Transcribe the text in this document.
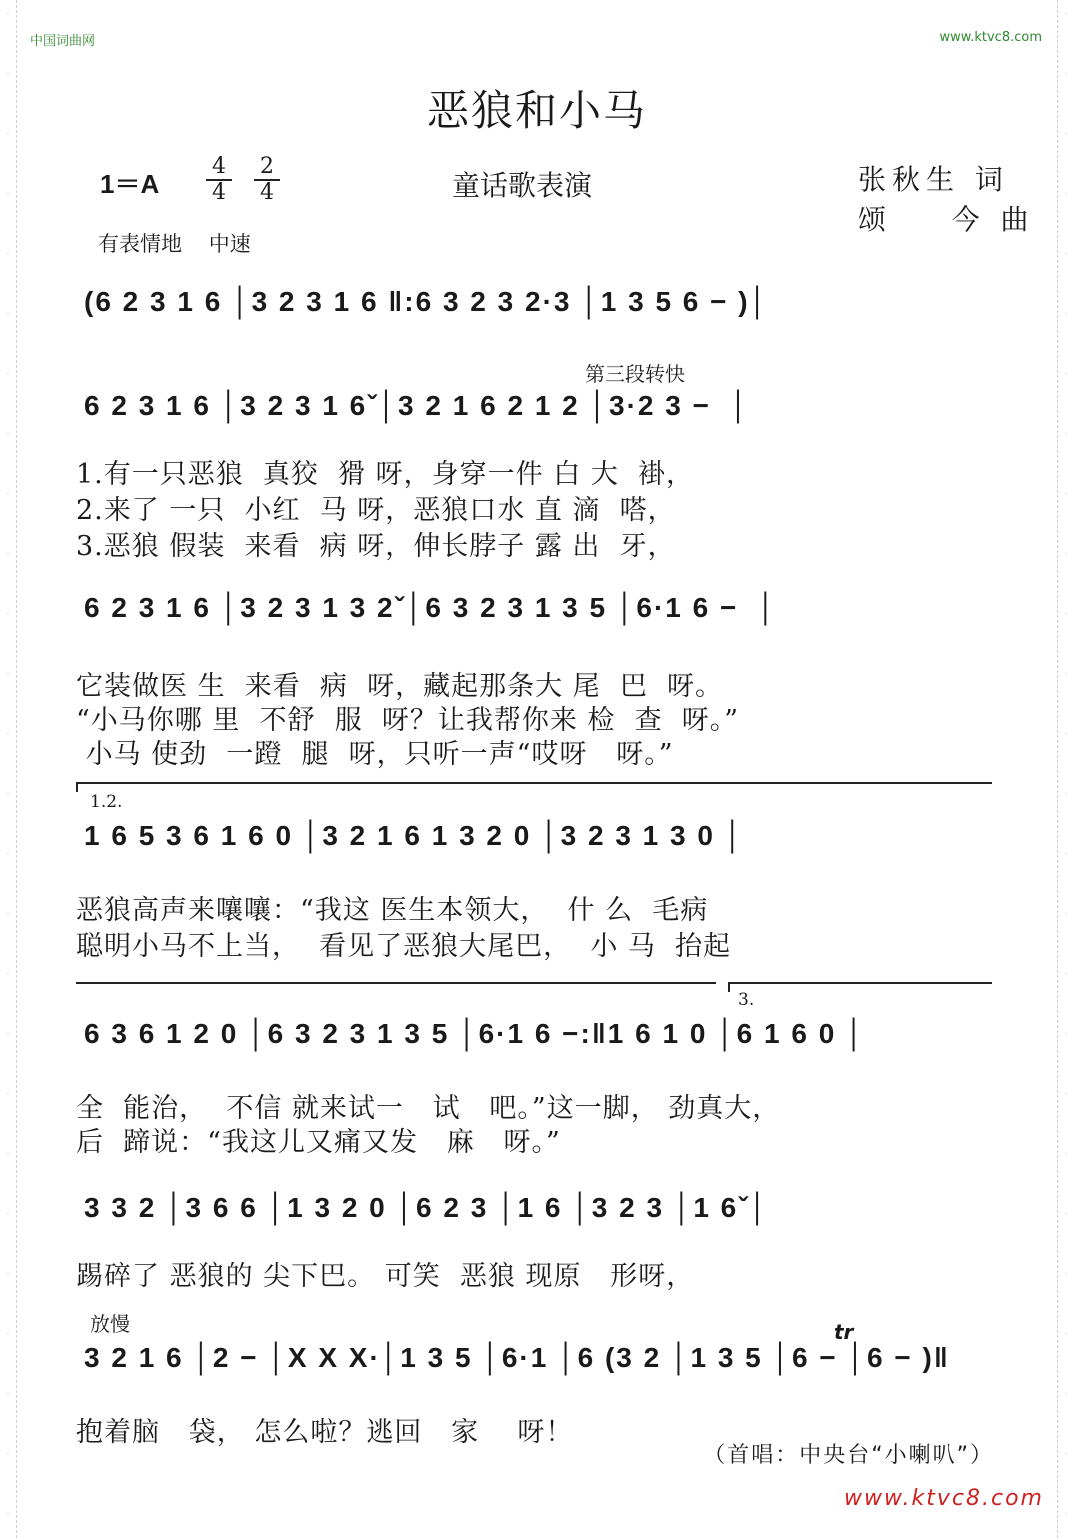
·
·
·
·
·
·
·
·
·
·
·
·
·
·
·
·
·
·
·
·
·
·
·
·
·
·
·
·
·
·
·
·
·
·
·
·
·
·
·
·
·
·
·
·
·
·
·
·
·
·
·
·
中国词曲网	www.ktvc8.com
恶狼和小马
1＝A
4
4
2
4	童话歌表演	张秋生 词
颂    今 曲
有表情地    中速
(6 2 3 1 6 │3 2 3 1 6 ‖:6 3 2 3 2·3 │1 3 5 6 − )│
第三段转快
6 2 3 1 6 │3 2 3 1 6ˇ│3 2 1 6 2 1 2 │3·2 3 −  │
1.有一只恶狼  真狡  猾 呀，身穿一件 白 大  褂，
2.来了 一只  小红  马 呀，恶狼口水 直 滴  嗒，
3.恶狼 假装  来看  病 呀，伸长脖子 露 出  牙，
6 2 3 1 6 │3 2 3 1 3 2ˇ│6 3 2 3 1 3 5 │6·1 6 −  │
它装做医 生  来看  病  呀，藏起那条大 尾  巴  呀。
“小马你哪 里  不舒  服  呀？让我帮你来 检  查  呀。”
小马 使劲  一蹬  腿  呀，只听一声“哎呀   呀。”
1.2.
1 6 5 3 6 1 6 0 │3 2 1 6 1 3 2 0 │3 2 3 1 3 0 │
恶狼高声来嚷嚷：“我这 医生本领大，  什 么  毛病
聪明小马不上当，  看见了恶狼大尾巴，  小 马  抬起
3.
6 3 6 1 2 0 │6 3 2 3 1 3 5 │6·1 6 −:‖1 6 1 0 │6 1 6 0 │
全  能治，  不信 就来试一   试   吧。”这一脚， 劲真大，
后  蹄说：“我这儿又痛又发   麻   呀。”
3 3 2 │3 6 6 │1 3 2 0 │6 2 3 │1 6 │3 2 3 │1 6ˇ│
踢碎了 恶狼的 尖下巴。 可笑  恶狼 现原   形呀，
放慢	tr
3 2 1 6 │2 − │X X X·│1 3 5 │6·1 │6 (3 2 │1 3 5 │6 − │6 − )‖
抱着脑   袋， 怎么啦？逃回   家    呀！
（首唱：中央台“小喇叭”）
www.ktvc8.com
